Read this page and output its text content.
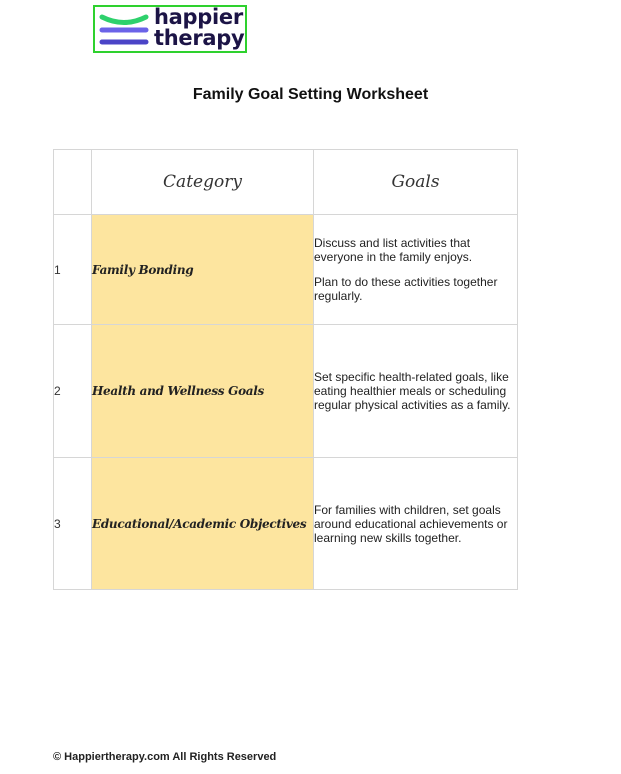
happier
therapy
Family Goal Setting Worksheet
	Category	Goals
1	Family Bonding	Discuss and list activities that everyone in the family enjoys.

Plan to do these activities together regularly.

2	Health and Wellness Goals	Set specific health-related goals, like eating healthier meals or scheduling regular physical activities as a family.

3	Educational/Academic Objectives	For families with children, set goals around educational achievements or learning new skills together.

© Happiertherapy.com All Rights Reserved
